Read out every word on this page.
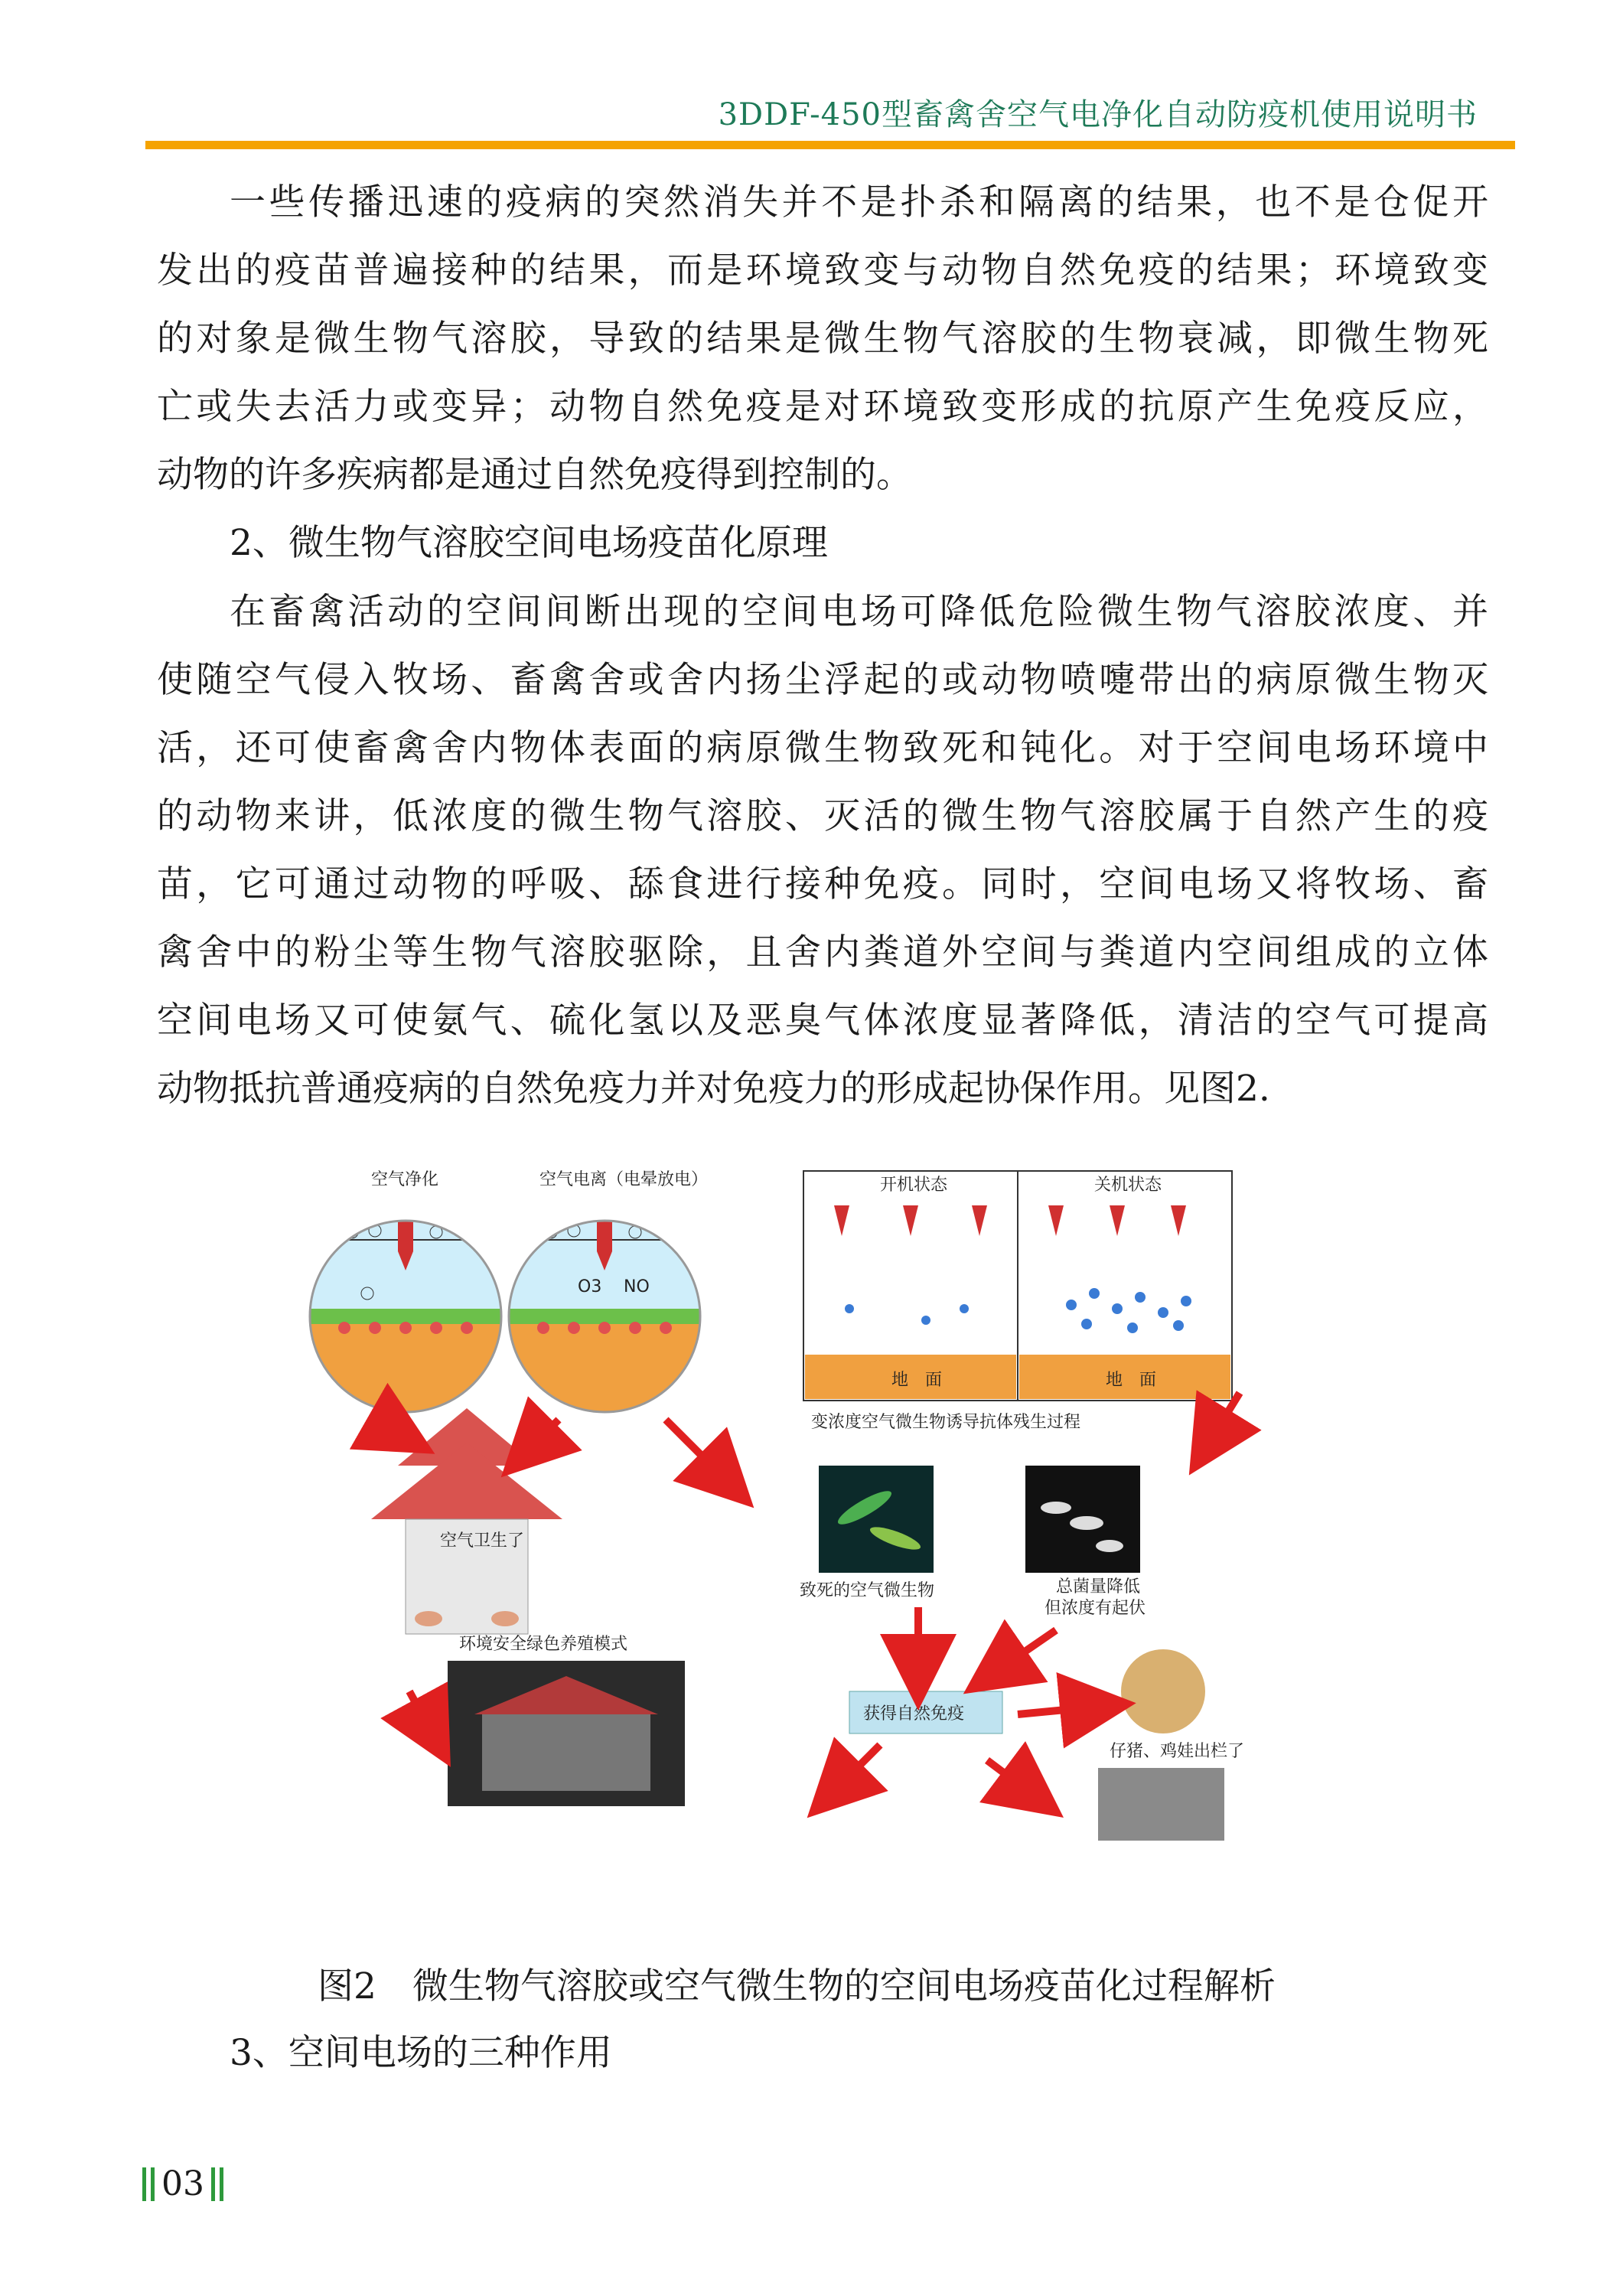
3DDF-450型畜禽舍空气电净化自动防疫机使用说明书

一些传播迅速的疫病的突然消失并不是扑杀和隔离的结果，也不是仓促开
发出的疫苗普遍接种的结果，而是环境致变与动物自然免疫的结果；环境致变
的对象是微生物气溶胶，导致的结果是微生物气溶胶的生物衰减，即微生物死
亡或失去活力或变异；动物自然免疫是对环境致变形成的抗原产生免疫反应，
动物的许多疾病都是通过自然免疫得到控制的。

2、微生物气溶胶空间电场疫苗化原理

在畜禽活动的空间间断出现的空间电场可降低危险微生物气溶胶浓度、并
使随空气侵入牧场、畜禽舍或舍内扬尘浮起的或动物喷嚏带出的病原微生物灭
活，还可使畜禽舍内物体表面的病原微生物致死和钝化。对于空间电场环境中
的动物来讲，低浓度的微生物气溶胶、灭活的微生物气溶胶属于自然产生的疫
苗，它可通过动物的呼吸、舔食进行接种免疫。同时，空间电场又将牧场、畜
禽舍中的粉尘等生物气溶胶驱除，且舍内粪道外空间与粪道内空间组成的立体
空间电场又可使氨气、硫化氢以及恶臭气体浓度显著降低，清洁的空气可提高
动物抵抗普通疫病的自然免疫力并对免疫力的形成起协保作用。见图2.

空气净化	空气电离（电晕放电）
O3 NO
开机状态	关机状态
地　面	地　面
变浓度空气微生物诱导抗体残生过程
空气卫生了
致死的空气微生物	总菌量降低
但浓度有起伏
环境安全绿色养殖模式
获得自然免疫
仔猪、鸡娃出栏了
图2　微生物气溶胶或空气微生物的空间电场疫苗化过程解析
3、空间电场的三种作用
03
